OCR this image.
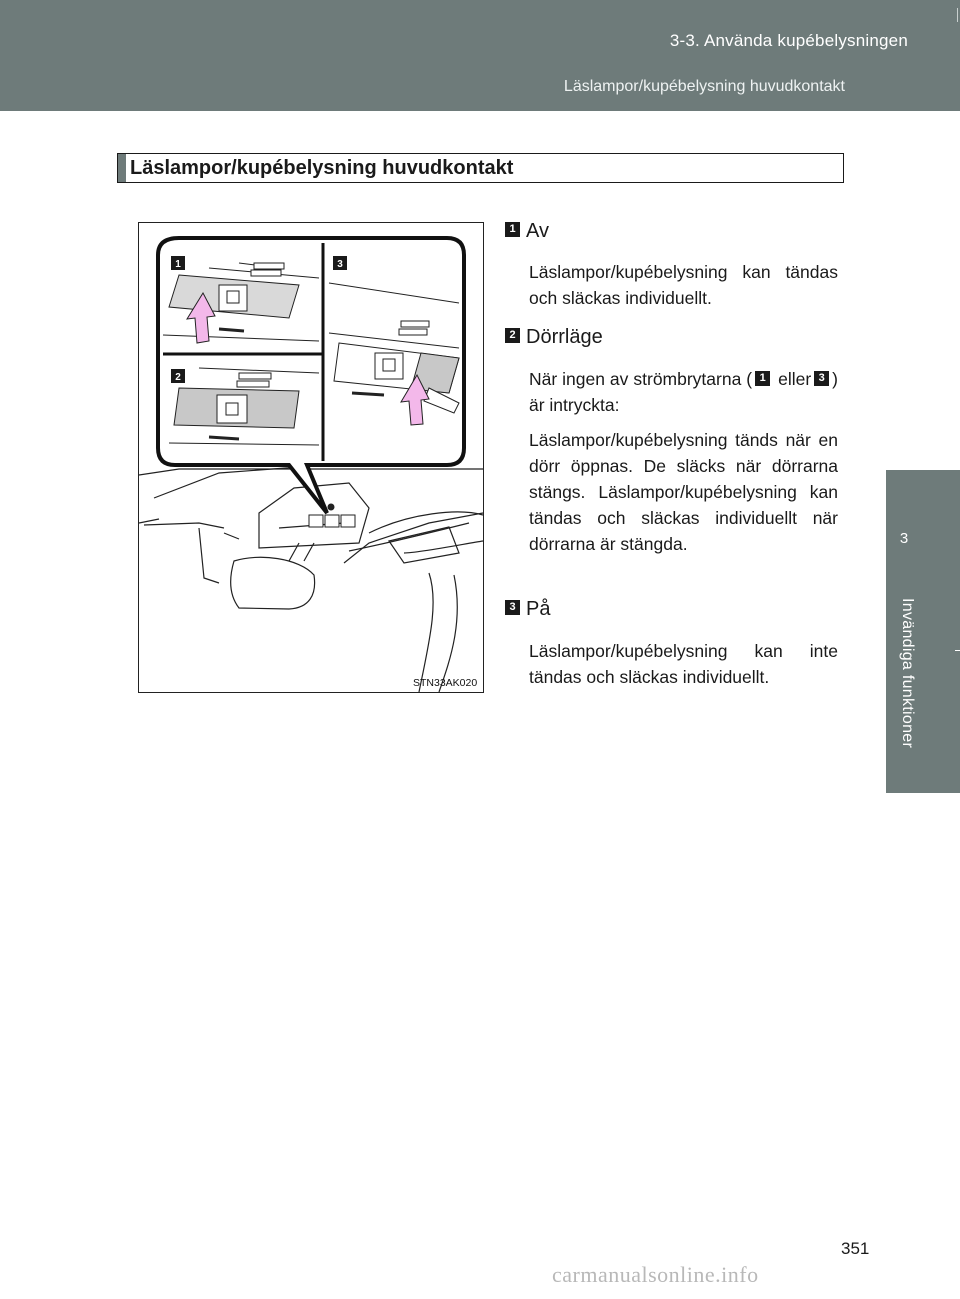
3-3. Använda kupébelysningen
Läslampor/kupébelysning huvudkontakt
3
Invändiga funktioner
Läslampor/kupébelysning huvudkontakt
1	3
2
STN33AK020
1 Av
Läslampor/kupébelysning kan tändas och släckas individuellt.
2 Dörrläge
När ingen av strömbrytarna ( 1 eller 3 ) är intryckta:
Läslampor/kupébelysning tänds när en dörr öppnas. De släcks när dörrarna stängs. Läslampor/kupébelysning kan tändas och släckas individuellt när dörrarna är stängda.
3 På
Läslampor/kupébelysning kan inte tändas och släckas individuellt.
351
carmanualsonline.info
